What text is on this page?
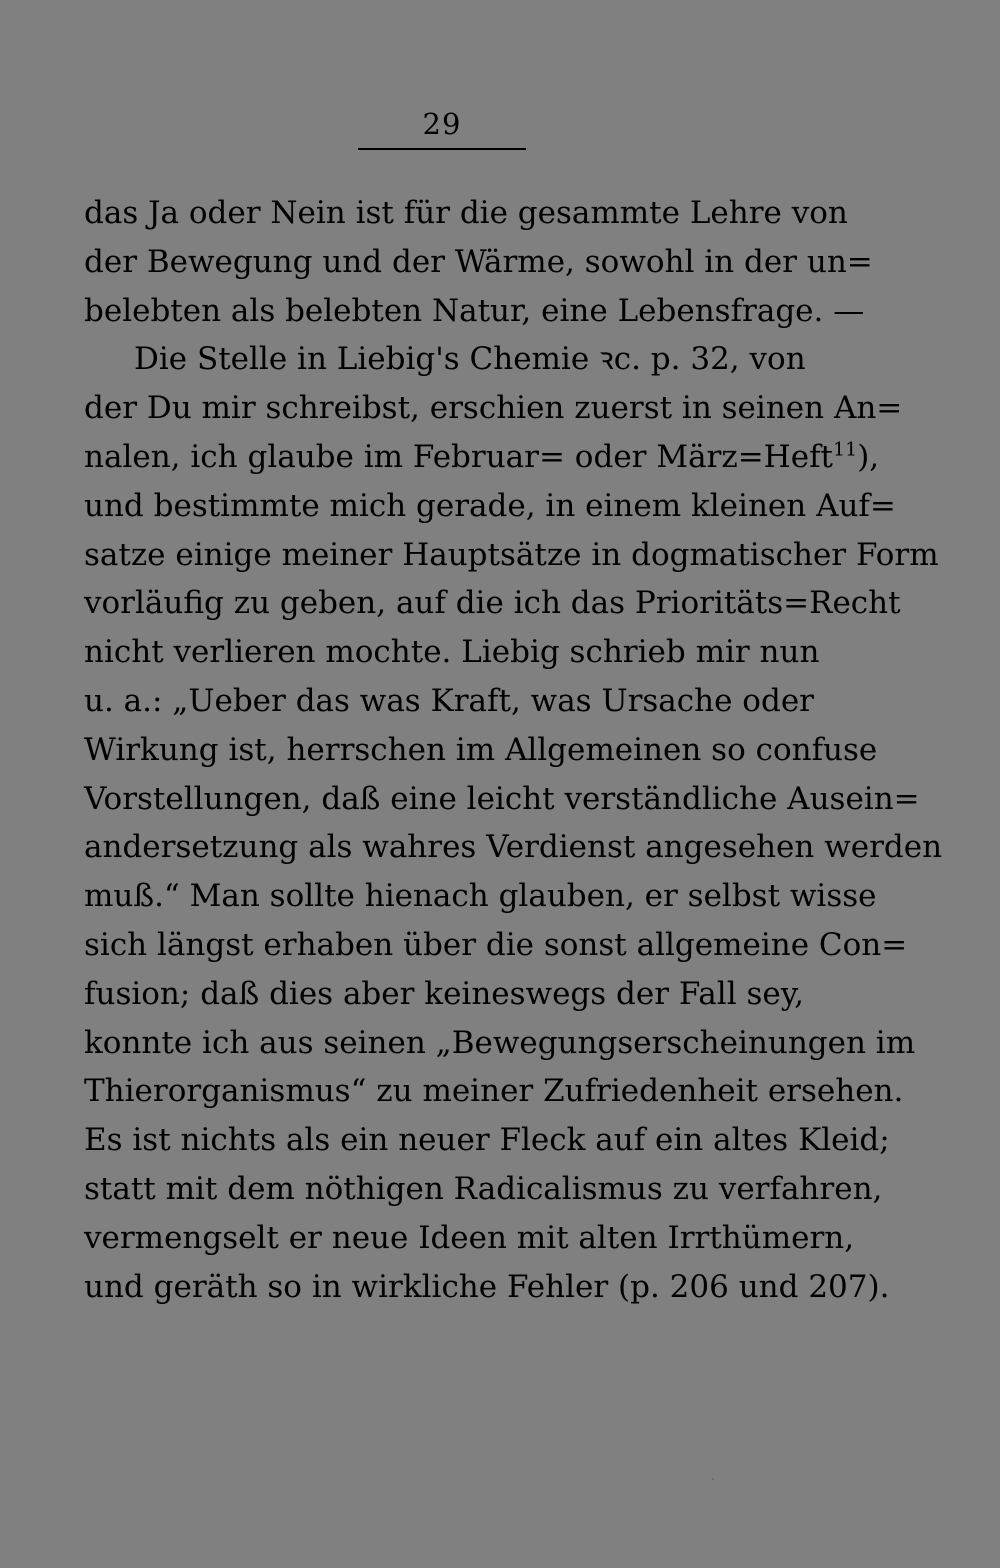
29
das Ja oder Nein ist für die gesammte Lehre von
der Bewegung und der Wärme, sowohl in der un=
belebten als belebten Natur, eine Lebensfrage. —
Die Stelle in Liebig's Chemie ꝛc. p. 32, von
der Du mir schreibst, erschien zuerst in seinen An=
nalen, ich glaube im Februar= oder März=Heft$^{11}$),
und bestimmte mich gerade, in einem kleinen Auf=
satze einige meiner Hauptsätze in dogmatischer Form
vorläufig zu geben, auf die ich das Prioritäts=Recht
nicht verlieren mochte. Liebig schrieb mir nun
u. a.: „Ueber das was Kraft, was Ursache oder
Wirkung ist, herrschen im Allgemeinen so confuse
Vorstellungen, daß eine leicht verständliche Ausein=
andersetzung als wahres Verdienst angesehen werden
muß.“ Man sollte hienach glauben, er selbst wisse
sich längst erhaben über die sonst allgemeine Con=
fusion; daß dies aber keineswegs der Fall sey,
konnte ich aus seinen „Bewegungserscheinungen im
Thierorganismus“ zu meiner Zufriedenheit ersehen.
Es ist nichts als ein neuer Fleck auf ein altes Kleid;
statt mit dem nöthigen Radicalismus zu verfahren,
vermengselt er neue Ideen mit alten Irrthümern,
und geräth so in wirkliche Fehler (p. 206 und 207).
